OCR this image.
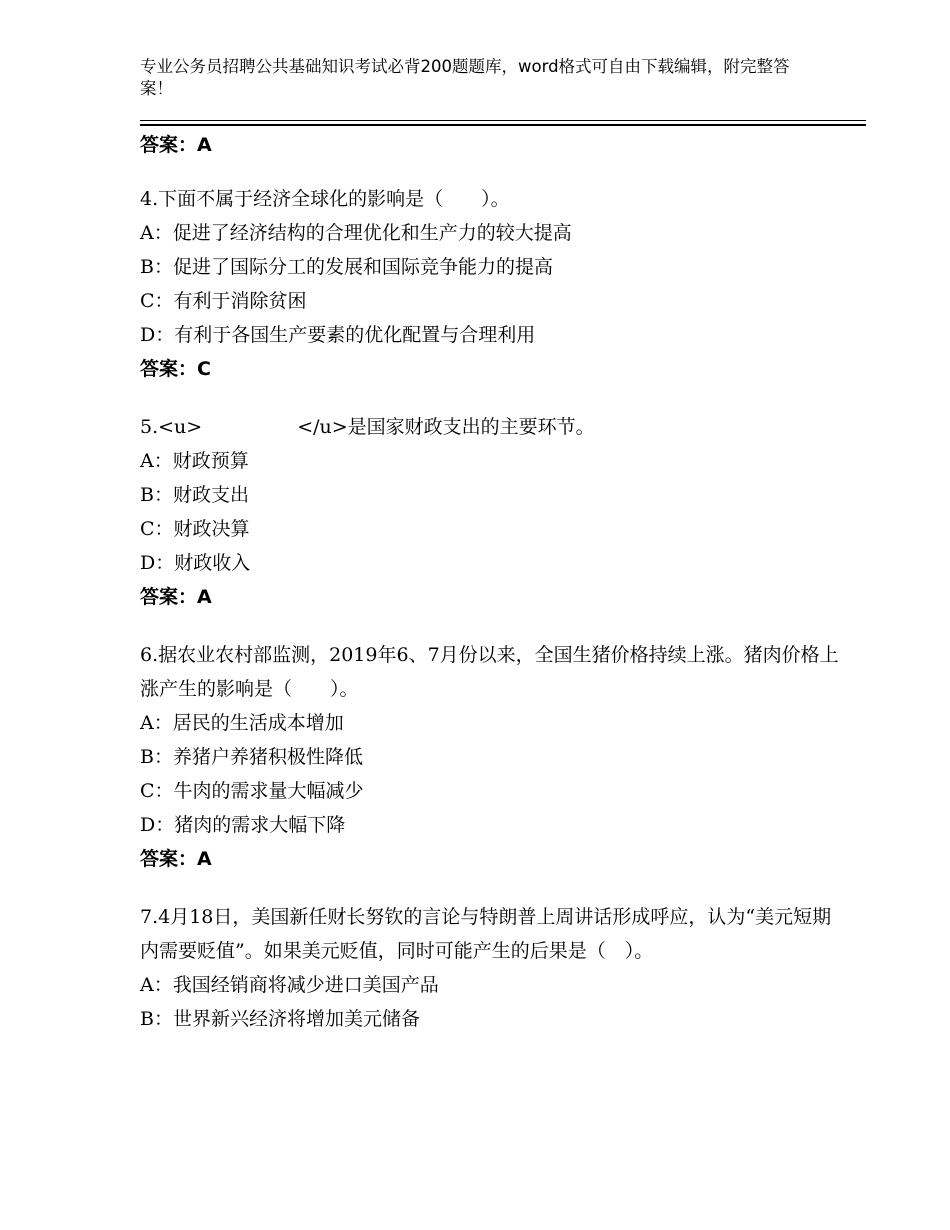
专业公务员招聘公共基础知识考试必背200题题库，word格式可自由下载编辑，附完整答案！
答案：A
4.下面不属于经济全球化的影响是（　　）。
A：促进了经济结构的合理优化和生产力的较大提高
B：促进了国际分工的发展和国际竞争能力的提高
C：有利于消除贫困
D：有利于各国生产要素的优化配置与合理利用
答案：C
5.<u>　　　　　</u>是国家财政支出的主要环节。
A：财政预算
B：财政支出
C：财政决算
D：财政收入
答案：A
6.据农业农村部监测，2019年6、7月份以来，全国生猪价格持续上涨。猪肉价格上涨产生的影响是（　　）。
A：居民的生活成本增加
B：养猪户养猪积极性降低
C：牛肉的需求量大幅减少
D：猪肉的需求大幅下降
答案：A
7.4月18日，美国新任财长努钦的言论与特朗普上周讲话形成呼应，认为“美元短期内需要贬值”。如果美元贬值，同时可能产生的后果是（　）。
A：我国经销商将减少进口美国产品
B：世界新兴经济将增加美元储备
